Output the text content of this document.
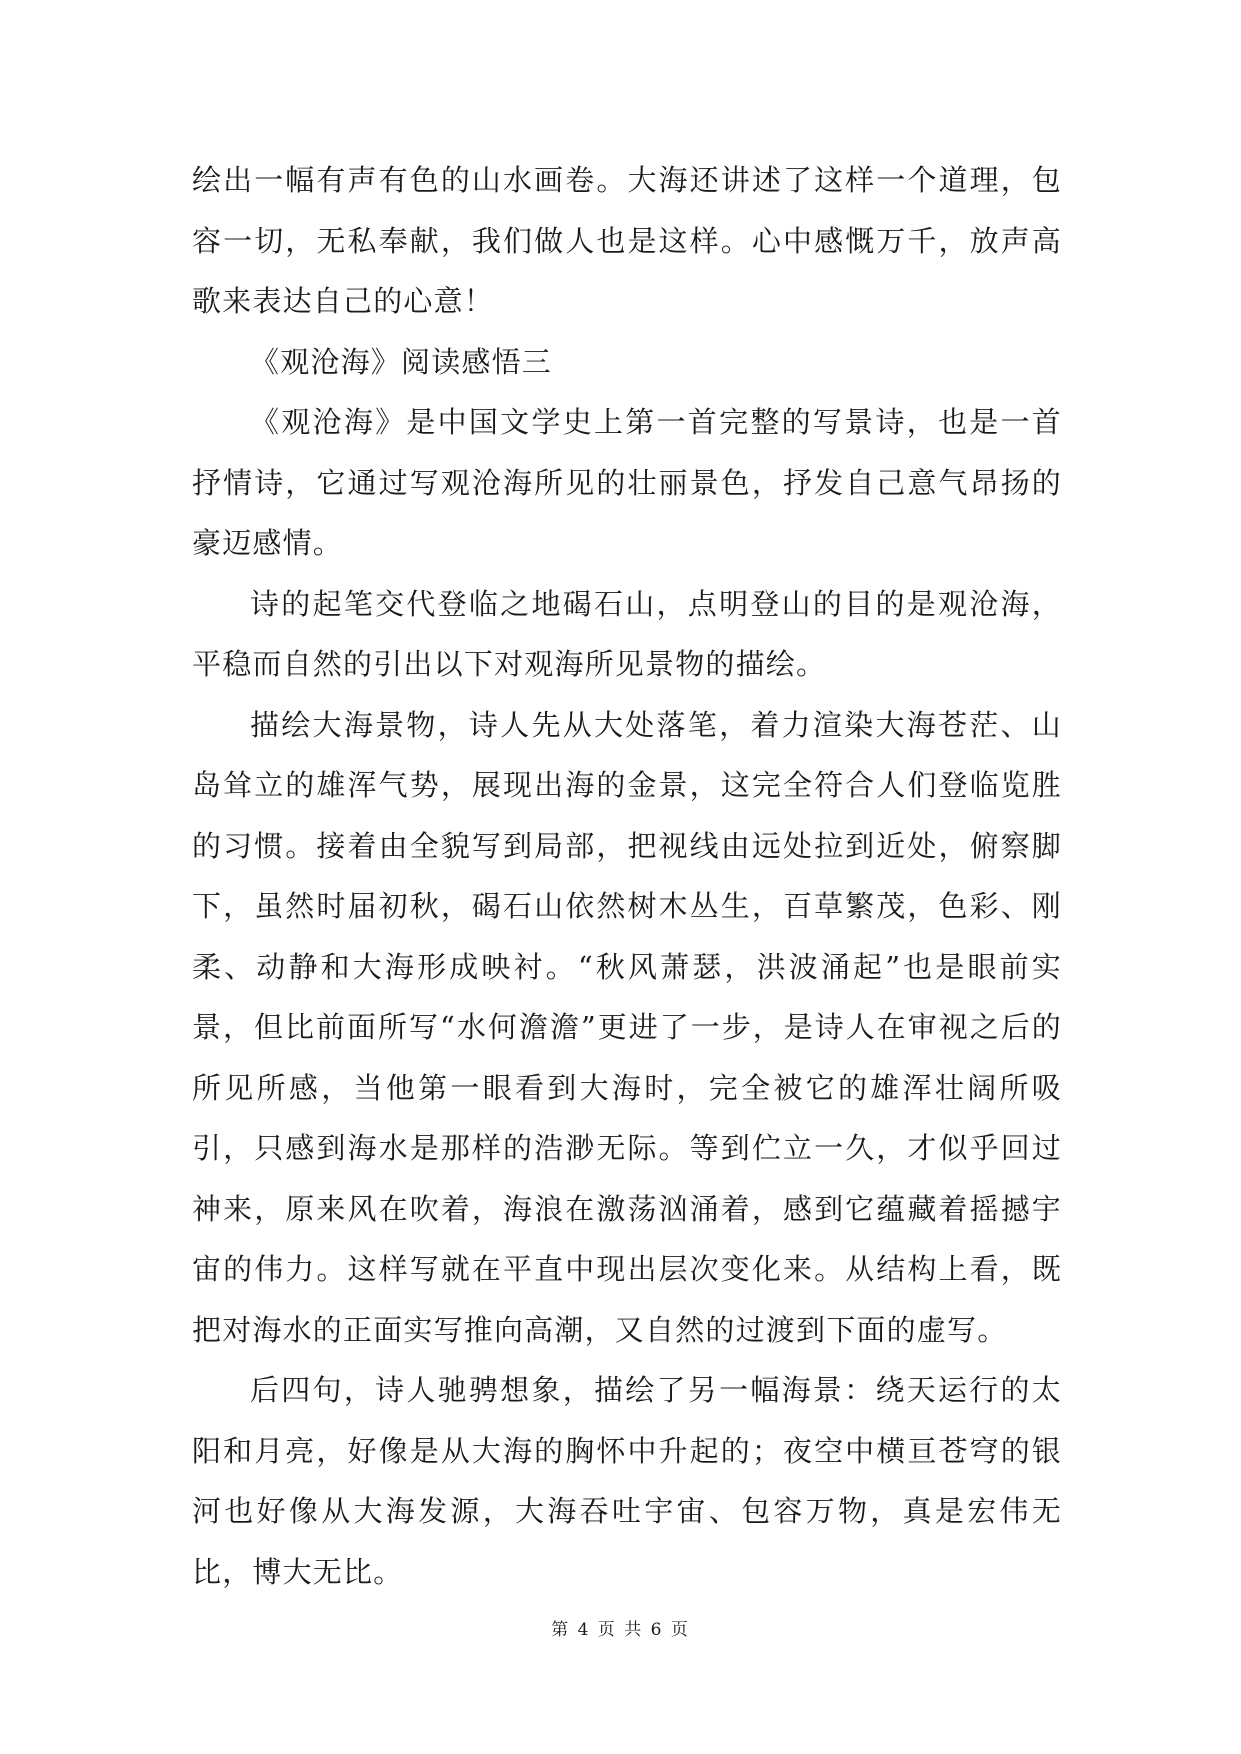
绘出一幅有声有色的山水画卷。大海还讲述了这样一个道理，包容一切，无私奉献，我们做人也是这样。心中感慨万千，放声高歌来表达自己的心意！

《观沧海》阅读感悟三

《观沧海》是中国文学史上第一首完整的写景诗，也是一首抒情诗，它通过写观沧海所见的壮丽景色，抒发自己意气昂扬的豪迈感情。

诗的起笔交代登临之地碣石山，点明登山的目的是观沧海，平稳而自然的引出以下对观海所见景物的描绘。

描绘大海景物，诗人先从大处落笔，着力渲染大海苍茫、山岛耸立的雄浑气势，展现出海的金景，这完全符合人们登临览胜的习惯。接着由全貌写到局部，把视线由远处拉到近处，俯察脚下，虽然时届初秋，碣石山依然树木丛生，百草繁茂，色彩、刚柔、动静和大海形成映衬。“秋风萧瑟，洪波涌起”也是眼前实景，但比前面所写“水何澹澹”更进了一步，是诗人在审视之后的所见所感，当他第一眼看到大海时，完全被它的雄浑壮阔所吸引，只感到海水是那样的浩渺无际。等到伫立一久，才似乎回过神来，原来风在吹着，海浪在激荡汹涌着，感到它蕴藏着摇撼宇宙的伟力。这样写就在平直中现出层次变化来。从结构上看，既把对海水的正面实写推向高潮，又自然的过渡到下面的虚写。

后四句，诗人驰骋想象，描绘了另一幅海景：绕天运行的太阳和月亮，好像是从大海的胸怀中升起的；夜空中横亘苍穹的银河也好像从大海发源，大海吞吐宇宙、包容万物，真是宏伟无比，博大无比。

第 4 页 共 6 页
